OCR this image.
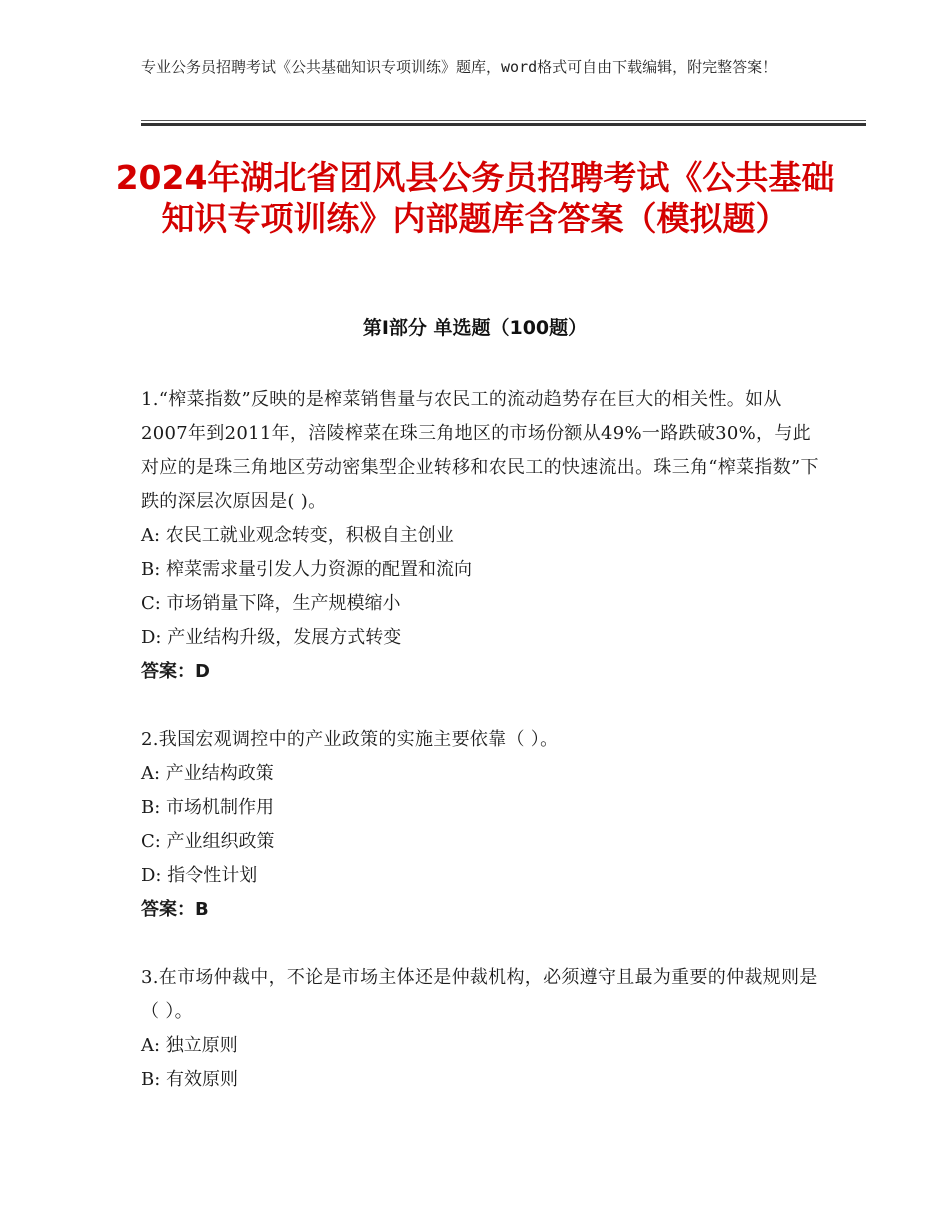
专业公务员招聘考试《公共基础知识专项训练》题库，word格式可自由下载编辑，附完整答案！
2024年湖北省团风县公务员招聘考试《公共基础知识专项训练》内部题库含答案（模拟题）
第Ⅰ部分 单选题（100题）
1.“榨菜指数”反映的是榨菜销售量与农民工的流动趋势存在巨大的相关性。如从2007年到2011年，涪陵榨菜在珠三角地区的市场份额从49%一路跌破30%，与此对应的是珠三角地区劳动密集型企业转移和农民工的快速流出。珠三角“榨菜指数”下跌的深层次原因是( )。
A: 农民工就业观念转变，积极自主创业
B: 榨菜需求量引发人力资源的配置和流向
C: 市场销量下降，生产规模缩小
D: 产业结构升级，发展方式转变
答案：D
2.我国宏观调控中的产业政策的实施主要依靠（ ）。
A: 产业结构政策
B: 市场机制作用
C: 产业组织政策
D: 指令性计划
答案：B
3.在市场仲裁中，不论是市场主体还是仲裁机构，必须遵守且最为重要的仲裁规则是（ ）。
A: 独立原则
B: 有效原则
